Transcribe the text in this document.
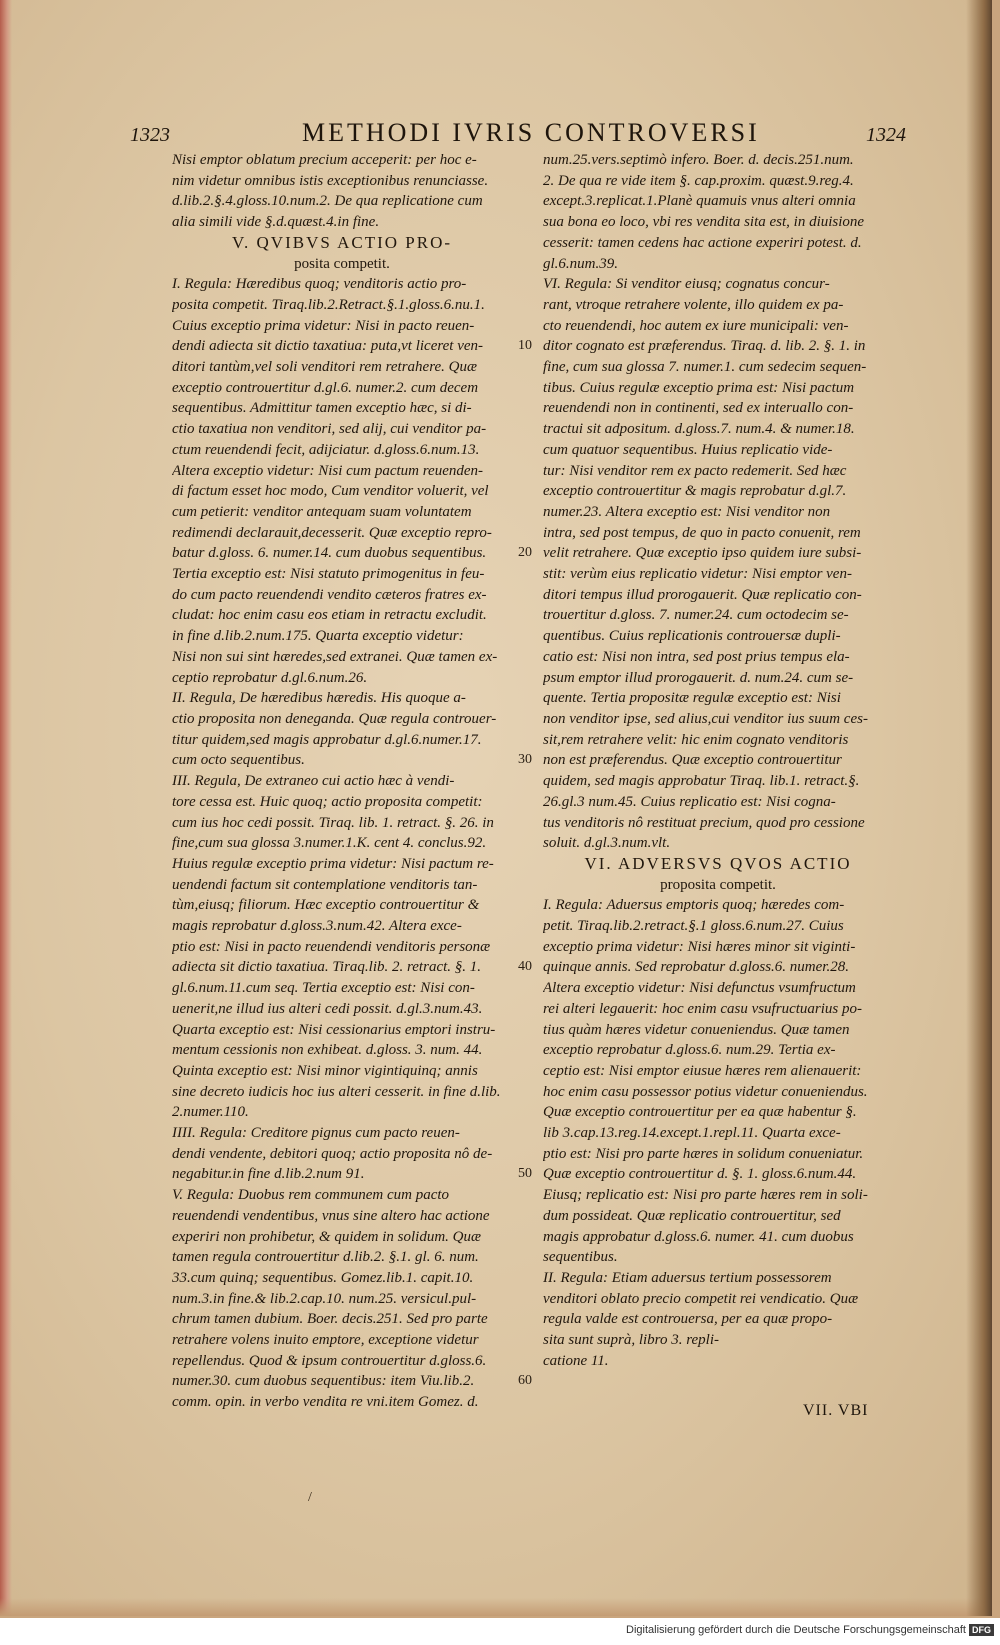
1323	METHODI IVRIS CONTROVERSI	1324
Nisi emptor oblatum precium acceperit: per hoc e-
nim videtur omnibus istis exceptionibus renunciasse.
d.lib.2.§.4.gloss.10.num.2. De qua replicatione cum
alia simili vide §.d.quæst.4.in fine.
V. QVIBVS ACTIO PRO-
posita competit.
I. Regula: Hæredibus quoq; venditoris actio pro-
posita competit. Tiraq.lib.2.Retract.§.1.gloss.6.nu.1.
Cuius exceptio prima videtur: Nisi in pacto reuen-
dendi adiecta sit dictio taxatiua: puta,vt liceret ven-
ditori tantùm,vel soli venditori rem retrahere. Quæ
exceptio controuertitur d.gl.6. numer.2. cum decem
sequentibus. Admittitur tamen exceptio hæc, si di-
ctio taxatiua non venditori, sed alij, cui venditor pa-
ctum reuendendi fecit, adijciatur. d.gloss.6.num.13.
Altera exceptio videtur: Nisi cum pactum reuenden-
di factum esset hoc modo, Cum venditor voluerit, vel
cum petierit: venditor antequam suam voluntatem
redimendi declarauit,decesserit. Quæ exceptio repro-
batur d.gloss. 6. numer.14. cum duobus sequentibus.
Tertia exceptio est: Nisi statuto primogenitus in feu-
do cum pacto reuendendi vendito cæteros fratres ex-
cludat: hoc enim casu eos etiam in retractu excludit.
in fine d.lib.2.num.175. Quarta exceptio videtur:
Nisi non sui sint hæredes,sed extranei. Quæ tamen ex-
ceptio reprobatur d.gl.6.num.26.
II. Regula, De hæredibus hæredis. His quoque a-
ctio proposita non deneganda. Quæ regula controuer-
titur quidem,sed magis approbatur d.gl.6.numer.17.
cum octo sequentibus.
III. Regula, De extraneo cui actio hæc à vendi-
tore cessa est. Huic quoq; actio proposita competit:
cum ius hoc cedi possit. Tiraq. lib. 1. retract. §. 26. in
fine,cum sua glossa 3.numer.1.K. cent 4. conclus.92.
Huius regulæ exceptio prima videtur: Nisi pactum re-
uendendi factum sit contemplatione venditoris tan-
tùm,eiusq; filiorum. Hæc exceptio controuertitur &
magis reprobatur d.gloss.3.num.42. Altera exce-
ptio est: Nisi in pacto reuendendi venditoris personæ
adiecta sit dictio taxatiua. Tiraq.lib. 2. retract. §. 1.
gl.6.num.11.cum seq. Tertia exceptio est: Nisi con-
uenerit,ne illud ius alteri cedi possit. d.gl.3.num.43.
Quarta exceptio est: Nisi cessionarius emptori instru-
mentum cessionis non exhibeat. d.gloss. 3. num. 44.
Quinta exceptio est: Nisi minor vigintiquinq; annis
sine decreto iudicis hoc ius alteri cesserit. in fine d.lib.
2.numer.110.
IIII. Regula: Creditore pignus cum pacto reuen-
dendi vendente, debitori quoq; actio proposita nô de-
negabitur.in fine d.lib.2.num 91.
V. Regula: Duobus rem communem cum pacto
reuendendi vendentibus, vnus sine altero hac actione
experiri non prohibetur, & quidem in solidum. Quæ
tamen regula controuertitur d.lib.2. §.1. gl. 6. num.
33.cum quinq; sequentibus. Gomez.lib.1. capit.10.
num.3.in fine.& lib.2.cap.10. num.25. versicul.pul-
chrum tamen dubium. Boer. decis.251. Sed pro parte
retrahere volens inuito emptore, exceptione videtur
repellendus. Quod & ipsum controuertitur d.gloss.6.
numer.30. cum duobus sequentibus: item Viu.lib.2.
comm. opin. in verbo vendita re vni.item Gomez. d.
num.25.vers.septimò infero. Boer. d. decis.251.num.
2. De qua re vide item §. cap.proxim. quæst.9.reg.4.
except.3.replicat.1.Planè quamuis vnus alteri omnia
sua bona eo loco, vbi res vendita sita est, in diuisione
cesserit: tamen cedens hac actione experiri potest. d.
gl.6.num.39.
VI. Regula: Si venditor eiusq; cognatus concur-
rant, vtroque retrahere volente, illo quidem ex pa-
cto reuendendi, hoc autem ex iure municipali: ven-
ditor cognato est præferendus. Tiraq. d. lib. 2. §. 1. in
fine, cum sua glossa 7. numer.1. cum sedecim sequen-
tibus. Cuius regulæ exceptio prima est: Nisi pactum
reuendendi non in continenti, sed ex interuallo con-
tractui sit adpositum. d.gloss.7. num.4. & numer.18.
cum quatuor sequentibus. Huius replicatio vide-
tur: Nisi venditor rem ex pacto redemerit. Sed hæc
exceptio controuertitur & magis reprobatur d.gl.7.
numer.23. Altera exceptio est: Nisi venditor non
intra, sed post tempus, de quo in pacto conuenit, rem
velit retrahere. Quæ exceptio ipso quidem iure subsi-
stit: verùm eius replicatio videtur: Nisi emptor ven-
ditori tempus illud prorogauerit. Quæ replicatio con-
trouertitur d.gloss. 7. numer.24. cum octodecim se-
quentibus. Cuius replicationis controuersæ dupli-
catio est: Nisi non intra, sed post prius tempus ela-
psum emptor illud prorogauerit. d. num.24. cum se-
quente. Tertia propositæ regulæ exceptio est: Nisi
non venditor ipse, sed alius,cui venditor ius suum ces-
sit,rem retrahere velit: hic enim cognato venditoris
non est præferendus. Quæ exceptio controuertitur
quidem, sed magis approbatur Tiraq. lib.1. retract.§.
26.gl.3 num.45. Cuius replicatio est: Nisi cogna-
tus venditoris nô restituat precium, quod pro cessione
soluit. d.gl.3.num.vlt.
VI. ADVERSVS QVOS ACTIO
proposita competit.
I. Regula: Aduersus emptoris quoq; hæredes com-
petit. Tiraq.lib.2.retract.§.1 gloss.6.num.27. Cuius
exceptio prima videtur: Nisi hæres minor sit viginti-
quinque annis. Sed reprobatur d.gloss.6. numer.28.
Altera exceptio videtur: Nisi defunctus vsumfructum
rei alteri legauerit: hoc enim casu vsufructuarius po-
tius quàm hæres videtur conueniendus. Quæ tamen
exceptio reprobatur d.gloss.6. num.29. Tertia ex-
ceptio est: Nisi emptor eiusue hæres rem alienauerit:
hoc enim casu possessor potius videtur conueniendus.
Quæ exceptio controuertitur per ea quæ habentur §.
lib 3.cap.13.reg.14.except.1.repl.11. Quarta exce-
ptio est: Nisi pro parte hæres in solidum conueniatur.
Quæ exceptio controuertitur d. §. 1. gloss.6.num.44.
Eiusq; replicatio est: Nisi pro parte hæres rem in soli-
dum possideat. Quæ replicatio controuertitur, sed
magis approbatur d.gloss.6. numer. 41. cum duobus
sequentibus.
II. Regula: Etiam aduersus tertium possessorem
venditori oblato precio competit rei vendicatio. Quæ
regula valde est controuersa, per ea quæ propo-
sita sunt suprà, libro 3. repli-
catione 11.
10
20
30
40
50
60
VII. VBI
/
Digitalisierung gefördert durch die Deutsche Forschungsgemeinschaft DFG
